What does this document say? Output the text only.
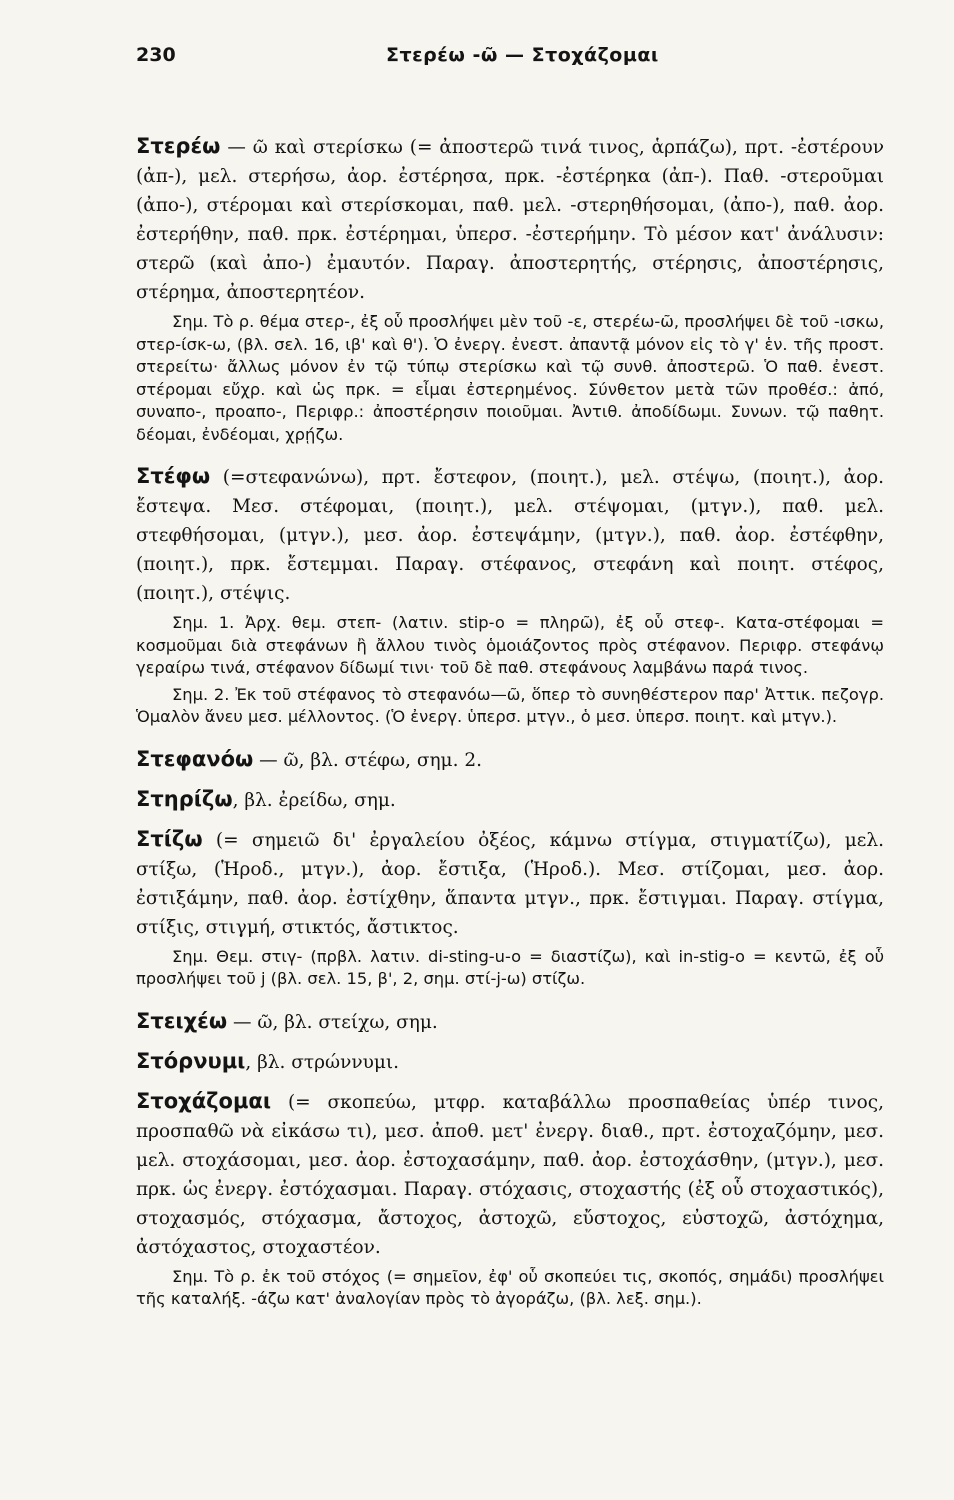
230	Στερέω -ῶ — Στοχάζομαι

Στερέω — ῶ καὶ στερίσκω (= ἀποστερῶ τινά τινος, ἁρπάζω), πρτ. -ἐστέρουν (ἀπ-), μελ. στερήσω, ἀορ. ἐστέρησα, πρκ. -ἐστέρηκα (ἀπ-). Παθ. -στεροῦμαι (ἀπο-), στέρομαι καὶ στερίσκομαι, παθ. μελ. -στερηθήσομαι, (ἀπο-), παθ. ἀορ. ἐστερήθην, παθ. πρκ. ἐστέρημαι, ὑπερσ. -ἐστερήμην. Τὸ μέσον κατ' ἀνάλυσιν: στερῶ (καὶ ἀπο-) ἐμαυτόν. Παραγ. ἀποστερητής, στέρησις, ἀποστέρησις, στέρημα, ἀποστερητέον.

Σημ. Τὸ ρ. θέμα στερ-, ἐξ οὗ προσλήψει μὲν τοῦ -ε, στερέω-ῶ, προσλήψει δὲ τοῦ -ισκω, στερ-ίσκ-ω, (βλ. σελ. 16, ιβ' καὶ θ'). Ὁ ἐνεργ. ἐνεστ. ἀπαντᾷ μόνον εἰς τὸ γ' ἑν. τῆς προστ. στερείτω· ἄλλως μόνον ἐν τῷ τύπῳ στερίσκω καὶ τῷ συνθ. ἀποστερῶ. Ὁ παθ. ἐνεστ. στέρομαι εὔχρ. καὶ ὡς πρκ. = εἶμαι ἐστερημένος. Σύνθετον μετὰ τῶν προθέσ.: ἀπό, συναπο-, προαπο-, Περιφρ.: ἀποστέρησιν ποιοῦμαι. Ἀντιθ. ἀποδίδωμι. Συνων. τῷ παθητ. δέομαι, ἐνδέομαι, χρῄζω.

Στέφω (=στεφανώνω), πρτ. ἔστεφον, (ποιητ.), μελ. στέψω, (ποιητ.), ἀορ. ἔστεψα. Μεσ. στέφομαι, (ποιητ.), μελ. στέψομαι, (μτγν.), παθ. μελ. στεφθήσομαι, (μτγν.), μεσ. ἀορ. ἐστεψάμην, (μτγν.), παθ. ἀορ. ἐστέφθην, (ποιητ.), πρκ. ἔστεμμαι. Παραγ. στέφανος, στεφάνη καὶ ποιητ. στέφος, (ποιητ.), στέψις.

Σημ. 1. Ἀρχ. θεμ. στεπ- (λατιν. stip-o = πληρῶ), ἐξ οὗ στεφ-. Κατα-στέφομαι = κοσμοῦμαι διὰ στεφάνων ἢ ἄλλου τινὸς ὁμοιάζοντος πρὸς στέφανον. Περιφρ. στεφάνῳ γεραίρω τινά, στέφανον δίδωμί τινι· τοῦ δὲ παθ. στεφάνους λαμβάνω παρά τινος.

Σημ. 2. Ἐκ τοῦ στέφανος τὸ στεφανόω—ῶ, ὅπερ τὸ συνηθέστερον παρ' Ἀττικ. πεζογρ. Ὁμαλὸν ἄνευ μεσ. μέλλοντος. (Ὁ ἐνεργ. ὑπερσ. μτγν., ὁ μεσ. ὑπερσ. ποιητ. καὶ μτγν.).

Στεφανόω — ῶ, βλ. στέφω, σημ. 2.

Στηρίζω, βλ. ἐρείδω, σημ.

Στίζω (= σημειῶ δι' ἐργαλείου ὀξέος, κάμνω στίγμα, στιγματίζω), μελ. στίξω, (Ἡροδ., μτγν.), ἀορ. ἔστιξα, (Ἡροδ.). Μεσ. στίζομαι, μεσ. ἀορ. ἐστιξάμην, παθ. ἀορ. ἐστίχθην, ἅπαντα μτγν., πρκ. ἔστιγμαι. Παραγ. στίγμα, στίξις, στιγμή, στικτός, ἄστικτος.

Σημ. Θεμ. στιγ- (πρβλ. λατιν. di-sting-u-o = διαστίζω), καὶ in-stig-o = κεντῶ, ἐξ οὗ προσλήψει τοῦ j (βλ. σελ. 15, β', 2, σημ. στί-j-ω) στίζω.

Στειχέω — ῶ, βλ. στείχω, σημ.

Στόρνυμι, βλ. στρώννυμι.

Στοχάζομαι (= σκοπεύω, μτφρ. καταβάλλω προσπαθείας ὑπέρ τινος, προσπαθῶ νὰ εἰκάσω τι), μεσ. ἀποθ. μετ' ἐνεργ. διαθ., πρτ. ἐστοχαζόμην, μεσ. μελ. στοχάσομαι, μεσ. ἀορ. ἐστοχασάμην, παθ. ἀορ. ἐστοχάσθην, (μτγν.), μεσ. πρκ. ὡς ἐνεργ. ἐστόχασμαι. Παραγ. στόχασις, στοχαστής (ἐξ οὗ στοχαστικός), στοχασμός, στόχασμα, ἄστοχος, ἀστοχῶ, εὔστοχος, εὐστοχῶ, ἀστόχημα, ἀστόχαστος, στοχαστέον.

Σημ. Τὸ ρ. ἐκ τοῦ στόχος (= σημεῖον, ἐφ' οὗ σκοπεύει τις, σκοπός, σημάδι) προσλήψει τῆς καταλήξ. -άζω κατ' ἀναλογίαν πρὸς τὸ ἀγοράζω, (βλ. λεξ. σημ.).
